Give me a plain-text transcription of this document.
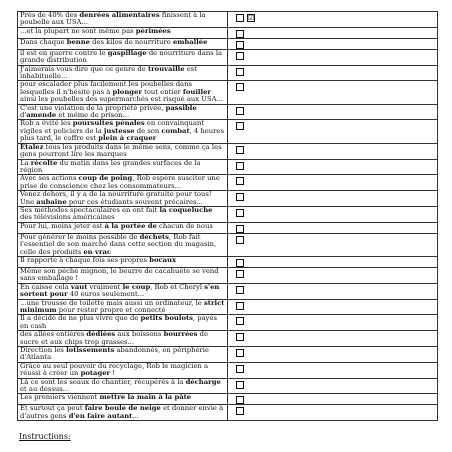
Près de 40% des denrées alimentaires finissent à la poubelle aux USA...	☑

...et la plupart ne sont même pas périmées	
Dans chaque benne des kilos de nourriture emballée	
il est en guerre contre le gaspillage de nourriture dans la grande distribution	
J'aimerais vous dire que ce genre de trouvaille est inhabituelle...	
pour escalader plus facilement les poubelles dans lesquelles il n'hésite pas à plonger tout entier fouiller ainsi les poubelles des supermarchés est risqué aux USA...	
C'est une violation de la propriété privée, passible d'amende et même de prison...	
Rob a évité les poursuites pénales en convainquant vigiles et policiers de la justesse de son combat, 4 heures plus tard, le coffre est plein à craquer	
Étalez tous les produits dans le même sens, comme ça les gens pourront lire les marques	
La récolte du matin dans les grandes surfaces de la région	
Avec ses actions coup de poing, Rob espère susciter une prise de conscience chez les consommateurs...	
Venez dehors, il y a de la nourriture gratuite pour tous! Une aubaine pour ces étudiants souvent précaires...	
Ses méthodes spectaculaires en ont fait la coqueluche des télévisions américaines	
Pour lui, moins jeter est à la portée de chacun de nous	
Pour générer le moins possible de déchets, Rob fait l'essentiel de son marché dans cette section du magasin, celle des produits en vrac	
Il rapporte à chaque fois ses propres bocaux	
Même son péché mignon, le beurre de cacahuète se vend sans emballage !	
En caisse cela vaut vraiment le coup, Rob et Cheryl s'en sortent pour 40 euros seulement...	
...une trousse de toilette mais aussi un ordinateur, le strict minimum pour rester propre et connecté	
Il a décidé de ne plus vivre que de petits boulots, payés en cash	
des allées entières dédiées aux boissons bourrées de sucre et aux chips trop grasses...	
Direction les lotissements abandonnés, en périphérie d'Atlanta	
Grâce au seul pouvoir du recyclage, Rob le magicien a réussi à créer un potager !	
Là ce sont les seaux de chantier, récupérés à la décharge et au dessus...	
Les premiers viennent mettre la main à la pâte	
Et surtout ça peut faire boule de neige et donner envie à d'autres gens d'en faire autant...	
Instructions:
